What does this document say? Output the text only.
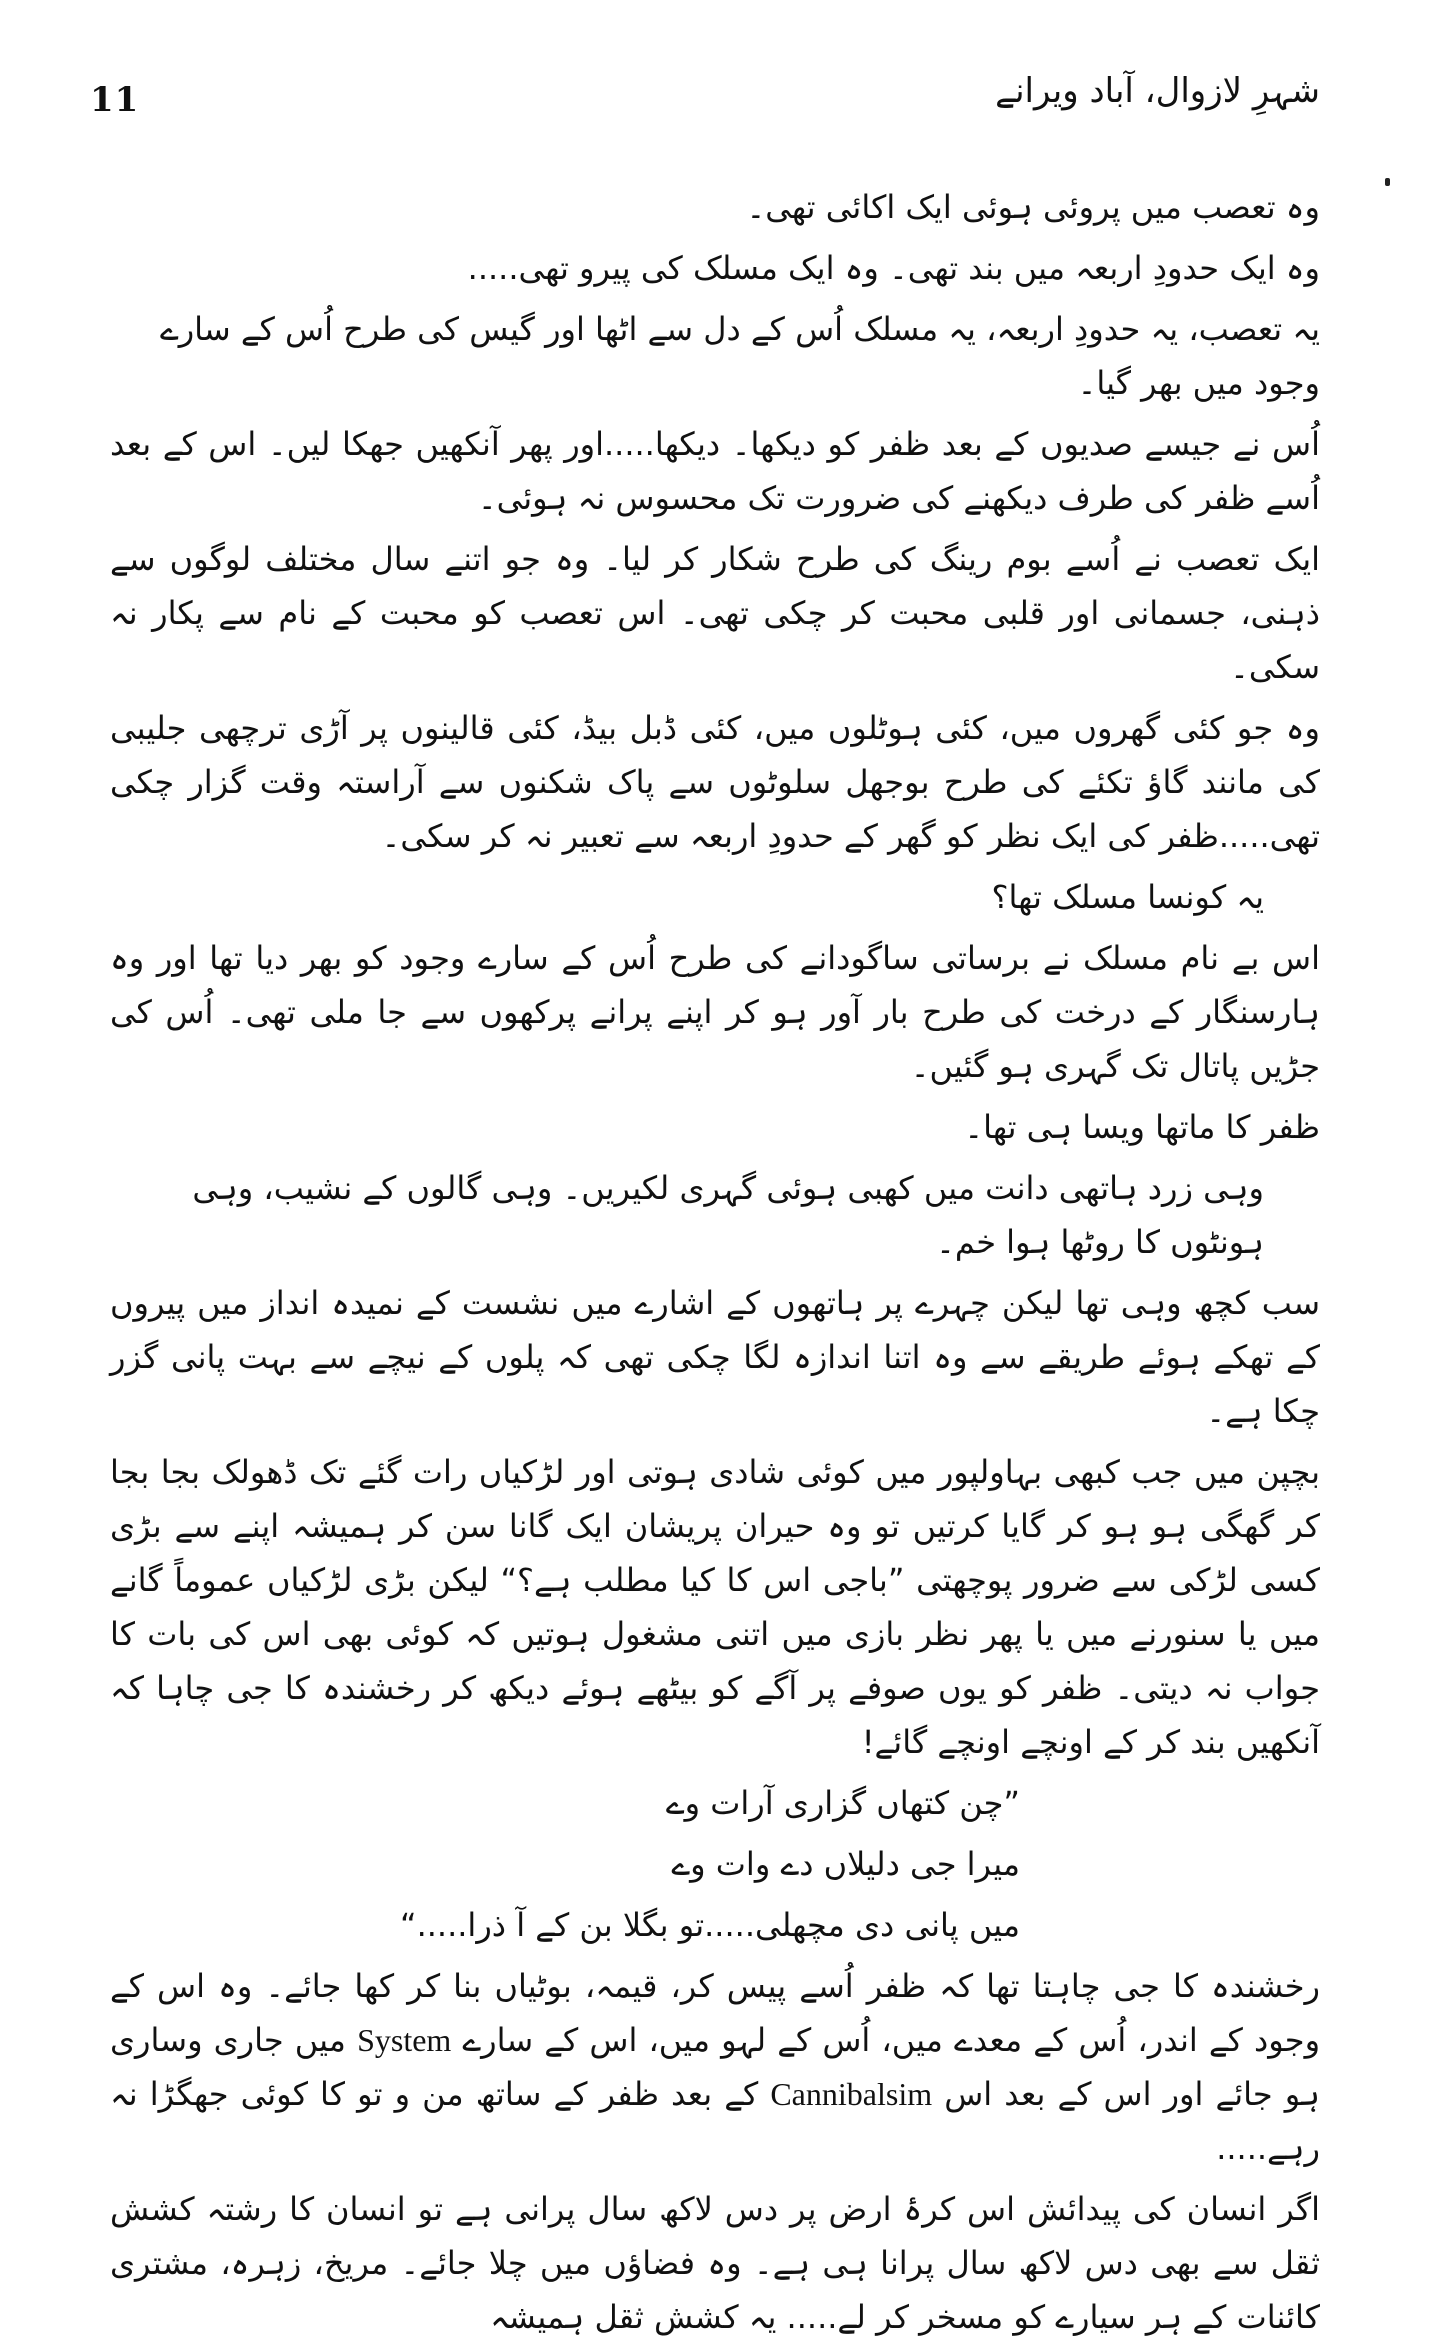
11	شہرِ لازوال، آباد ویرانے

وہ تعصب میں پروئی ہوئی ایک اکائی تھی۔

وہ ایک حدودِ اربعہ میں بند تھی۔ وہ ایک مسلک کی پیرو تھی.....

یہ تعصب، یہ حدودِ اربعہ، یہ مسلک اُس کے دل سے اٹھا اور گیس کی طرح اُس کے سارے وجود میں بھر گیا۔

اُس نے جیسے صدیوں کے بعد ظفر کو دیکھا۔ دیکھا.....اور پھر آنکھیں جھکا لیں۔ اس کے بعد اُسے ظفر کی طرف دیکھنے کی ضرورت تک محسوس نہ ہوئی۔

ایک تعصب نے اُسے بوم رینگ کی طرح شکار کر لیا۔ وہ جو اتنے سال مختلف لوگوں سے ذہنی، جسمانی اور قلبی محبت کر چکی تھی۔ اس تعصب کو محبت کے نام سے پکار نہ سکی۔

وہ جو کئی گھروں میں، کئی ہوٹلوں میں، کئی ڈبل بیڈ، کئی قالینوں پر آڑی ترچھی جلیبی کی مانند گاؤ تکئے کی طرح بوجھل سلوٹوں سے پاک شکنوں سے آراستہ وقت گزار چکی تھی.....ظفر کی ایک نظر کو گھر کے حدودِ اربعہ سے تعبیر نہ کر سکی۔

یہ کونسا مسلک تھا؟

اس بے نام مسلک نے برساتی ساگودانے کی طرح اُس کے سارے وجود کو بھر دیا تھا اور وہ ہارسنگار کے درخت کی طرح بار آور ہو کر اپنے پرانے پرکھوں سے جا ملی تھی۔ اُس کی جڑیں پاتال تک گہری ہو گئیں۔

ظفر کا ماتھا ویسا ہی تھا۔

وہی زرد ہاتھی دانت میں کھبی ہوئی گہری لکیریں۔ وہی گالوں کے نشیب، وہی ہونٹوں کا روٹھا ہوا خم۔

سب کچھ وہی تھا لیکن چہرے پر ہاتھوں کے اشارے میں نشست کے نمیدہ انداز میں پیروں کے تھکے ہوئے طریقے سے وہ اتنا اندازہ لگا چکی تھی کہ پلوں کے نیچے سے بہت پانی گزر چکا ہے۔

بچپن میں جب کبھی بہاولپور میں کوئی شادی ہوتی اور لڑکیاں رات گئے تک ڈھولک بجا بجا کر گھگی ہو ہو کر گایا کرتیں تو وہ حیران پریشان ایک گانا سن کر ہمیشہ اپنے سے بڑی کسی لڑکی سے ضرور پوچھتی ”باجی اس کا کیا مطلب ہے؟“ لیکن بڑی لڑکیاں عموماً گانے میں یا سنورنے میں یا پھر نظر بازی میں اتنی مشغول ہوتیں کہ کوئی بھی اس کی بات کا جواب نہ دیتی۔ ظفر کو یوں صوفے پر آگے کو بیٹھے ہوئے دیکھ کر رخشندہ کا جی چاہا کہ آنکھیں بند کر کے اونچے اونچے گائے!

”چن کتھاں گزاری آرات وے

میرا جی دلیلاں دے وات وے

میں پانی دی مچھلی.....تو بگلا بن کے آ ذرا.....“

رخشندہ کا جی چاہتا تھا کہ ظفر اُسے پیس کر، قیمہ، بوٹیاں بنا کر کھا جائے۔ وہ اس کے وجود کے اندر، اُس کے معدے میں، اُس کے لہو میں، اس کے سارے System میں جاری وساری ہو جائے اور اس کے بعد اس Cannibalsim کے بعد ظفر کے ساتھ من و تو کا کوئی جھگڑا نہ رہے.....

اگر انسان کی پیدائش اس کرۂ ارض پر دس لاکھ سال پرانی ہے تو انسان کا رشتہ کشش ثقل سے بھی دس لاکھ سال پرانا ہی ہے۔ وہ فضاؤں میں چلا جائے۔ مریخ، زہرہ، مشتری کائنات کے ہر سیارے کو مسخر کر لے..... یہ کشش ثقل ہمیشہ
